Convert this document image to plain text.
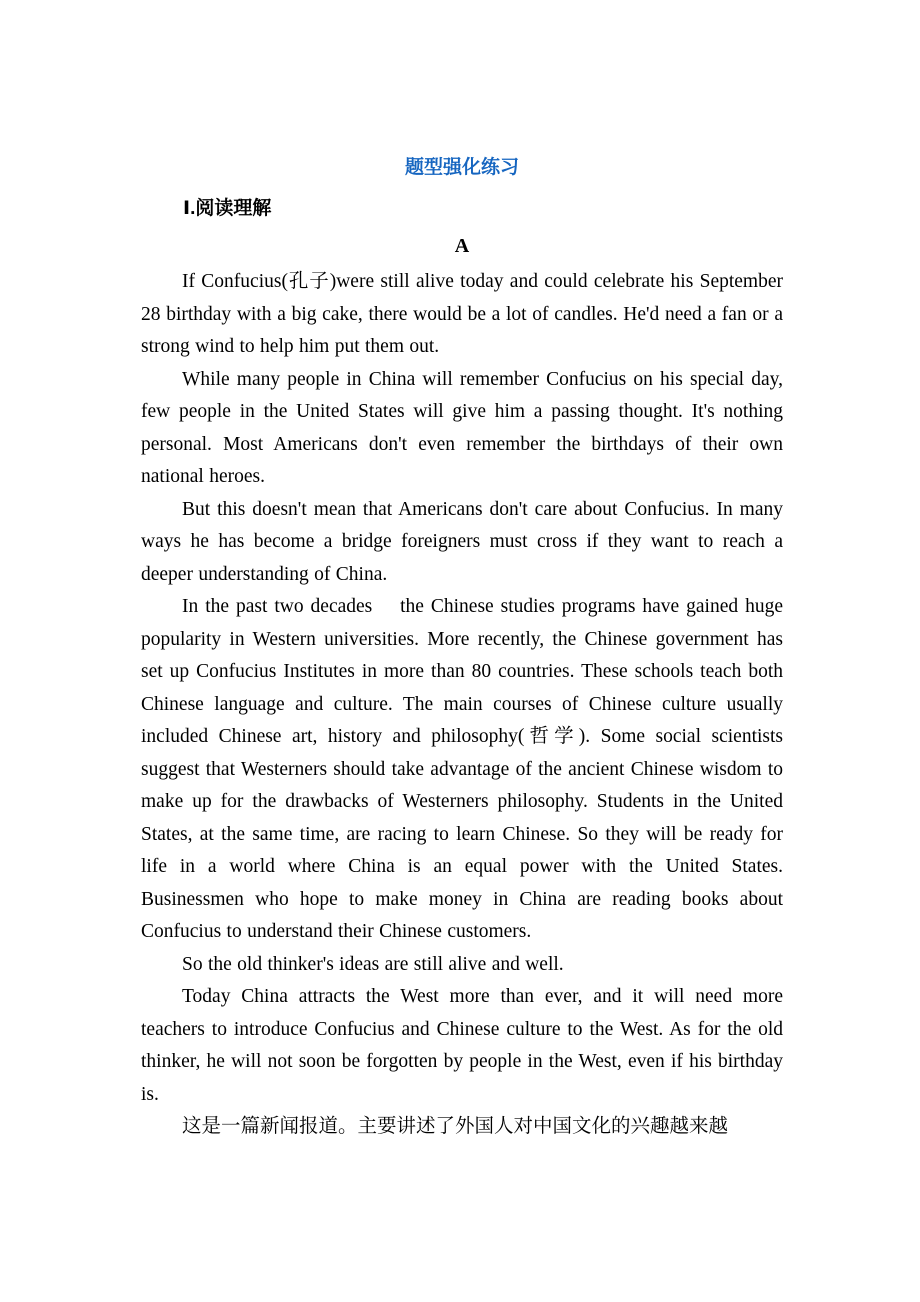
题型强化练习
Ⅰ.阅读理解
A

If Confucius(孔子)were still alive today and could celebrate his September 28 birthday with a big cake, there would be a lot of candles. He'd need a fan or a strong wind to help him put them out.

While many people in China will remember Confucius on his special day, few people in the United States will give him a passing thought. It's nothing personal. Most Americans don't even remember the birthdays of their own national heroes.

But this doesn't mean that Americans don't care about Confucius. In many ways he has become a bridge foreigners must cross if they want to reach a deeper understanding of China.

In the past two decades    the Chinese studies programs have gained huge popularity in Western universities. More recently, the Chinese government has set up Confucius Institutes in more than 80 countries. These schools teach both Chinese language and culture. The main courses of Chinese culture usually included Chinese art, history and philosophy(哲学). Some social scientists suggest that Westerners should take advantage of the ancient Chinese wisdom to make up for the drawbacks of Westerners philosophy. Students in the United States, at the same time, are racing to learn Chinese. So they will be ready for life in a world where China is an equal power with the United States. Businessmen who hope to make money in China are reading books about Confucius to understand their Chinese customers.

So the old thinker's ideas are still alive and well.

Today China attracts the West more than ever, and it will need more teachers to introduce Confucius and Chinese culture to the West. As for the old thinker, he will not soon be forgotten by people in the West, even if his birthday is.

这是一篇新闻报道。主要讲述了外国人对中国文化的兴趣越来越
